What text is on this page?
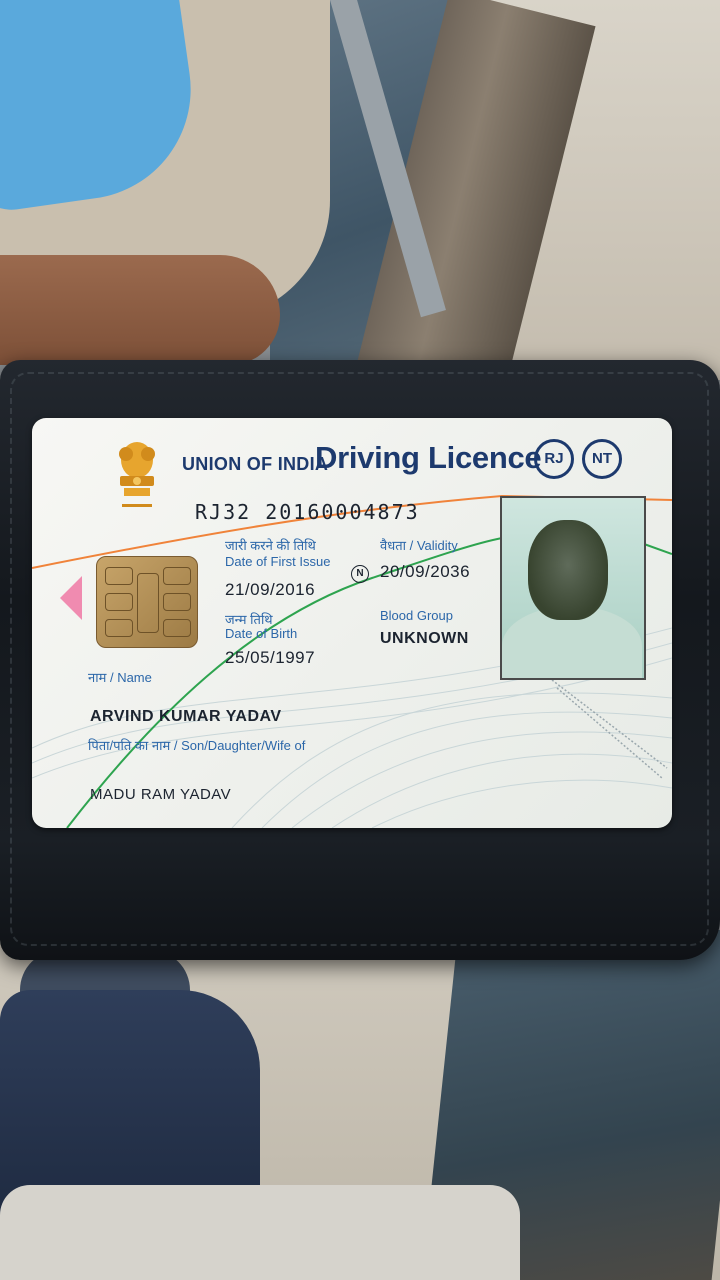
UNION OF INDIA
Driving Licence RJ	NT
RJ32 20160004873
जारी करने की तिथि
Date of First Issue
21/09/2016
वैधता / Validity
N 20/09/2036
जन्म तिथि
Date of Birth
25/05/1997
Blood Group
UNKNOWN
नाम / Name
ARVIND KUMAR YADAV
पिता/पति का नाम / Son/Daughter/Wife of
MADU RAM YADAV
